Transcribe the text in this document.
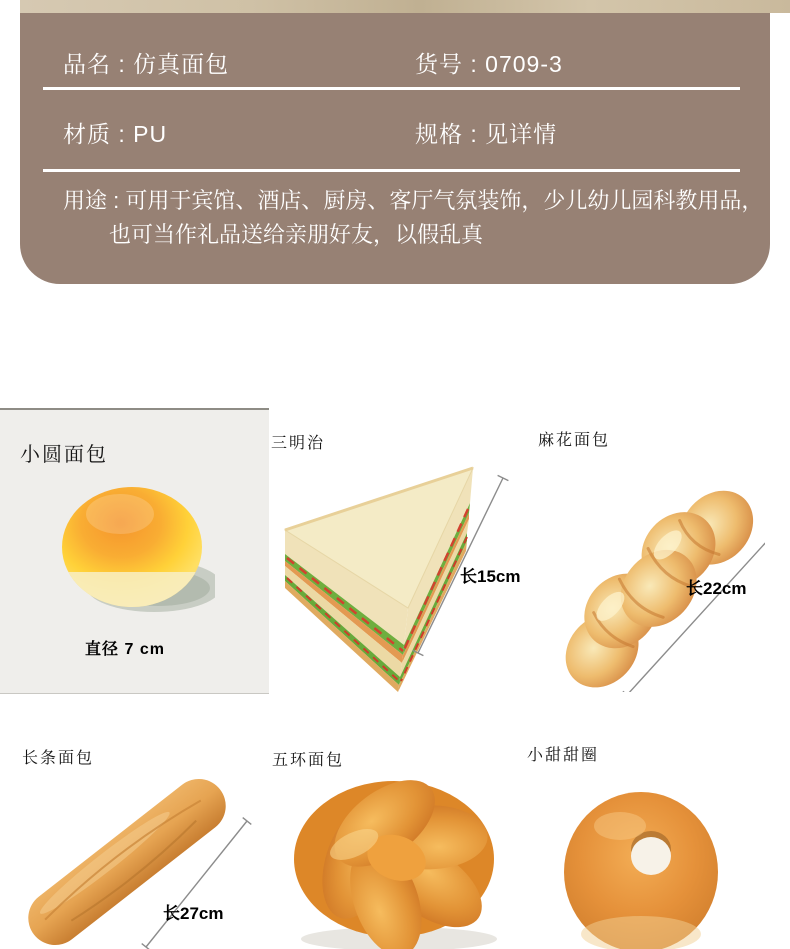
品名 : 仿真面包	货号 : 0709-3
材质 : PU	规格 : 见详情

用途 : 可用于宾馆、酒店、厨房、客厅气氛装饰，少儿幼儿园科教用品，也可当作礼品送给亲朋好友，以假乱真

小圆面包
直径 7 cm
三明治
长15cm
麻花面包
长22cm
长条面包
长27cm
五环面包	小甜甜圈
